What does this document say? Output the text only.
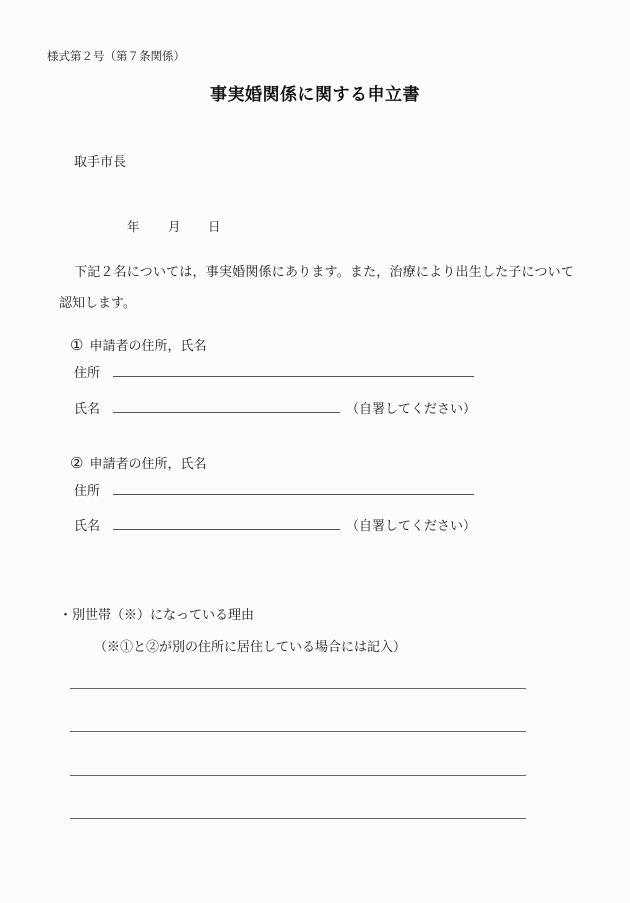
様式第２号（第７条関係）
事実婚関係に関する申立書
取手市長
年 月 日
下記２名については，事実婚関係にあります。また，治療により出生した子について
認知します。
① 申請者の住所，氏名
住所
氏名	（自署してください）
② 申請者の住所，氏名
住所
氏名	（自署してください）
・別世帯（※）になっている理由
（※①と②が別の住所に居住している場合には記入）
